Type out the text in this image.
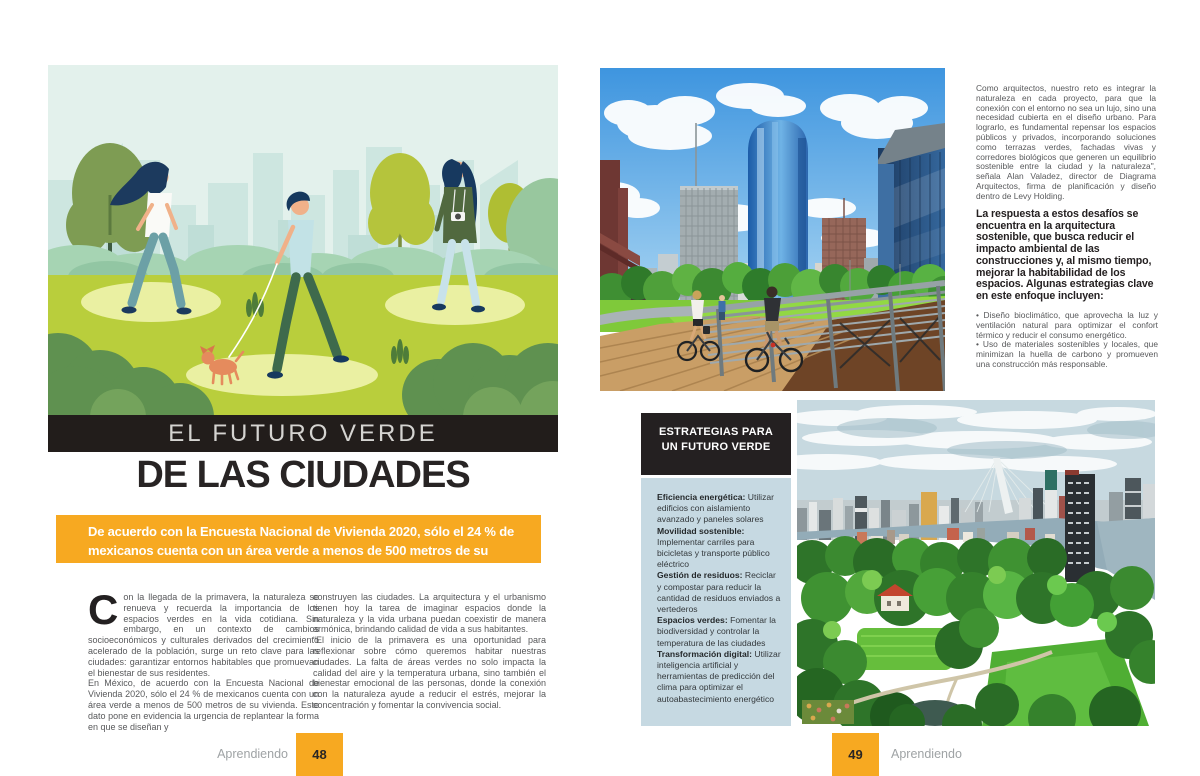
EL FUTURO VERDE
DE LAS CIUDADES
De acuerdo con la Encuesta Nacional de Vivienda 2020, sólo el 24 % de mexicanos cuenta con un área verde a menos de 500 metros de su vivienda.

Con la llegada de la primavera, la naturaleza se renueva y recuerda la importancia de los espacios verdes en la vida cotidiana. Sin embargo, en un contexto de cambios socioeconómicos y culturales derivados del crecimiento acelerado de la población, surge un reto clave para las ciudades: garantizar entornos habitables que promuevan el bienestar de sus residentes.

En México, de acuerdo con la Encuesta Nacional de Vivienda 2020, sólo el 24 % de mexicanos cuenta con un área verde a menos de 500 metros de su vivienda. Este dato pone en evidencia la urgencia de replantear la forma en que se diseñan y

construyen las ciudades. La arquitectura y el urbanismo tienen hoy la tarea de imaginar espacios donde la naturaleza y la vida urbana puedan coexistir de manera armónica, brindando calidad de vida a sus habitantes.

“El inicio de la primavera es una oportunidad para reflexionar sobre cómo queremos habitar nuestras ciudades. La falta de áreas verdes no solo impacta la calidad del aire y la temperatura urbana, sino también el bienestar emocional de las personas, donde la conexión con la naturaleza ayude a reducir el estrés, mejorar la concentración y fomentar la convivencia social.

Aprendiendo	48
Como arquitectos, nuestro reto es integrar la naturaleza en cada proyecto, para que la conexión con el entorno no sea un lujo, sino una necesidad cubierta en el diseño urbano. Para lograrlo, es fundamental repensar los espacios públicos y privados, incorporando soluciones como terrazas verdes, fachadas vivas y corredores biológicos que generen un equilibrio sostenible entre la ciudad y la naturaleza", señala Alan Valadez, director de Diagrama Arquitectos, firma de planificación y diseño dentro de Levy Holding.
La respuesta a estos desafíos se encuentra en la arquitectura sostenible, que busca reducir el impacto ambiental de las construcciones y, al mismo tiempo, mejorar la habitabilidad de los espacios. Algunas estrategias clave en este enfoque incluyen:

• Diseño bioclimático, que aprovecha la luz y ventilación natural para optimizar el confort térmico y reducir el consumo energético.

• Uso de materiales sostenibles y locales, que minimizan la huella de carbono y promueven una construcción más responsable.

ESTRATEGIAS PARA UN FUTURO VERDE

Eficiencia energética: Utilizar edificios con aislamiento avanzado y paneles solares

Movilidad sostenible: Implementar carriles para bicicletas y transporte público eléctrico

Gestión de residuos: Reciclar y compostar para reducir la cantidad de residuos enviados a vertederos

Espacios verdes: Fomentar la biodiversidad y controlar la temperatura de las ciudades

Transformación digital: Utilizar inteligencia artificial y herramientas de predicción del clima para optimizar el autoabastecimiento energético

49	Aprendiendo
